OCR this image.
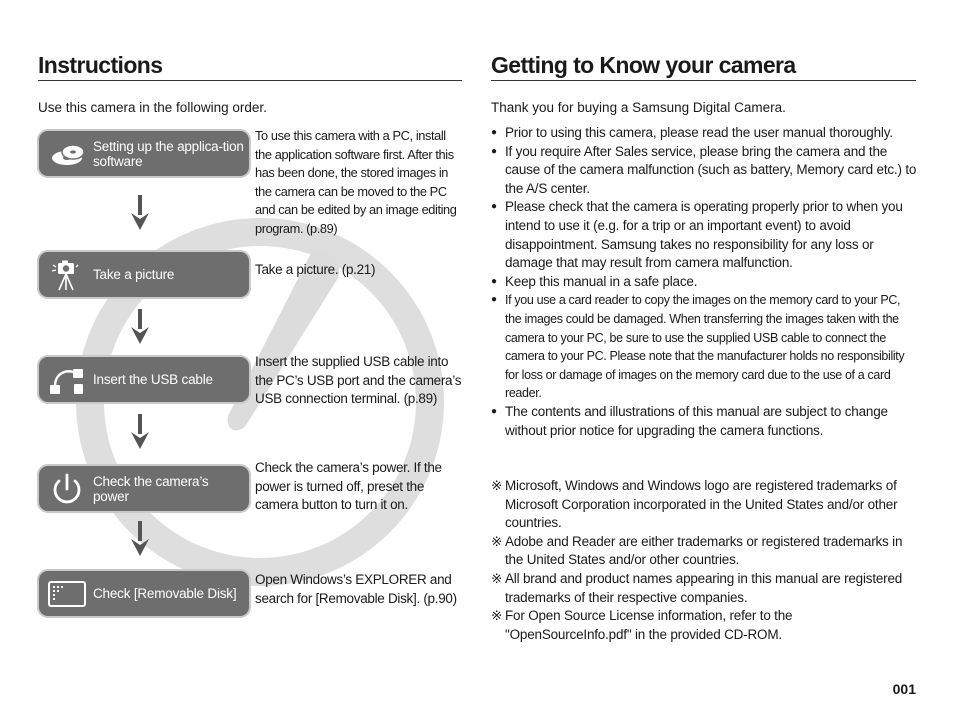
Instructions
Use this camera in the following order.
Setting up the applica-tion software
To use this camera with a PC, install the application software first. After this has been done, the stored images in the camera can be moved to the PC and can be edited by an image editing program. (p.89)
Take a picture	Take a picture. (p.21)
Insert the USB cable
Insert the supplied USB cable into the PC’s USB port and the camera’s USB connection terminal. (p.89)
Check the camera’s power
Check the camera’s power. If the power is turned off, preset the camera button to turn it on.
Check [Removable Disk]
Open Windows’s EXPLORER and search for [Removable Disk]. (p.90)
Getting to Know your camera
Thank you for buying a Samsung Digital Camera.
● Prior to using this camera, please read the user manual thoroughly.
● If you require After Sales service, please bring the camera and the cause of the camera malfunction (such as battery, Memory card etc.) to the A/S center.
● Please check that the camera is operating properly prior to when you intend to use it (e.g. for a trip or an important event) to avoid disappointment. Samsung takes no responsibility for any loss or damage that may result from camera malfunction.
● Keep this manual in a safe place.
● If you use a card reader to copy the images on the memory card to your PC, the images could be damaged. When transferring the images taken with the camera to your PC, be sure to use the supplied USB cable to connect the camera to your PC. Please note that the manufacturer holds no responsibility for loss or damage of images on the memory card due to the use of a card reader.
● The contents and illustrations of this manual are subject to change without prior notice for upgrading the camera functions.
※ Microsoft, Windows and Windows logo are registered trademarks of Microsoft Corporation incorporated in the United States and/or other countries.
※ Adobe and Reader are either trademarks or registered trademarks in the United States and/or other countries.
※ All brand and product names appearing in this manual are registered trademarks of their respective companies.
※ For Open Source License information, refer to the "OpenSourceInfo.pdf" in the provided CD-ROM.
001
